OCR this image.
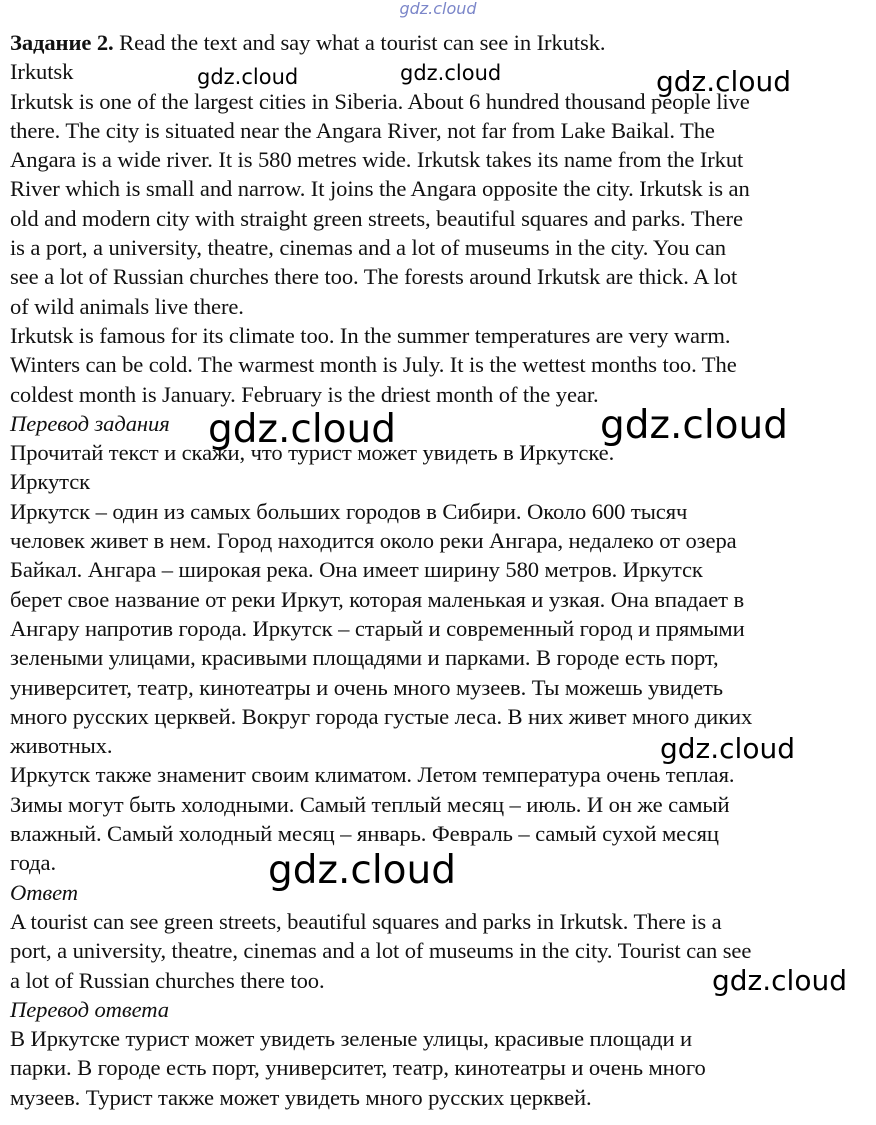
gdz.cloud
Задание 2. Read the text and say what a tourist can see in Irkutsk.
Irkutsk
Irkutsk is one of the largest cities in Siberia. About 6 hundred thousand people live
there. The city is situated near the Angara River, not far from Lake Baikal. The
Angara is a wide river. It is 580 metres wide. Irkutsk takes its name from the Irkut
River which is small and narrow. It joins the Angara opposite the city. Irkutsk is an
old and modern city with straight green streets, beautiful squares and parks. There
is a port, a university, theatre, cinemas and a lot of museums in the city. You can
see a lot of Russian churches there too. The forests around Irkutsk are thick. A lot
of wild animals live there.
Irkutsk is famous for its climate too. In the summer temperatures are very warm.
Winters can be cold. The warmest month is July. It is the wettest months too. The
coldest month is January. February is the driest month of the year.
Перевод задания
Прочитай текст и скажи, что турист может увидеть в Иркутске.
Иркутск
Иркутск – один из самых больших городов в Сибири. Около 600 тысяч
человек живет в нем. Город находится около реки Ангара, недалеко от озера
Байкал. Ангара – широкая река. Она имеет ширину 580 метров. Иркутск
берет свое название от реки Иркут, которая маленькая и узкая. Она впадает в
Ангару напротив города. Иркутск – старый и современный город и прямыми
зелеными улицами, красивыми площадями и парками. В городе есть порт,
университет, театр, кинотеатры и очень много музеев. Ты можешь увидеть
много русских церквей. Вокруг города густые леса. В них живет много диких
животных.
Иркутск также знаменит своим климатом. Летом температура очень теплая.
Зимы могут быть холодными. Самый теплый месяц – июль. И он же самый
влажный. Самый холодный месяц – январь. Февраль – самый сухой месяц
года.
Ответ
A tourist can see green streets, beautiful squares and parks in Irkutsk. There is a
port, a university, theatre, cinemas and a lot of museums in the city. Tourist can see
a lot of Russian churches there too.
Перевод ответа
В Иркутске турист может увидеть зеленые улицы, красивые площади и
парки. В городе есть порт, университет, театр, кинотеатры и очень много
музеев. Турист также может увидеть много русских церквей.
gdz.cloud	gdz.cloud	gdz.cloud
gdz.cloud	gdz.cloud
gdz.cloud
gdz.cloud
gdz.cloud
